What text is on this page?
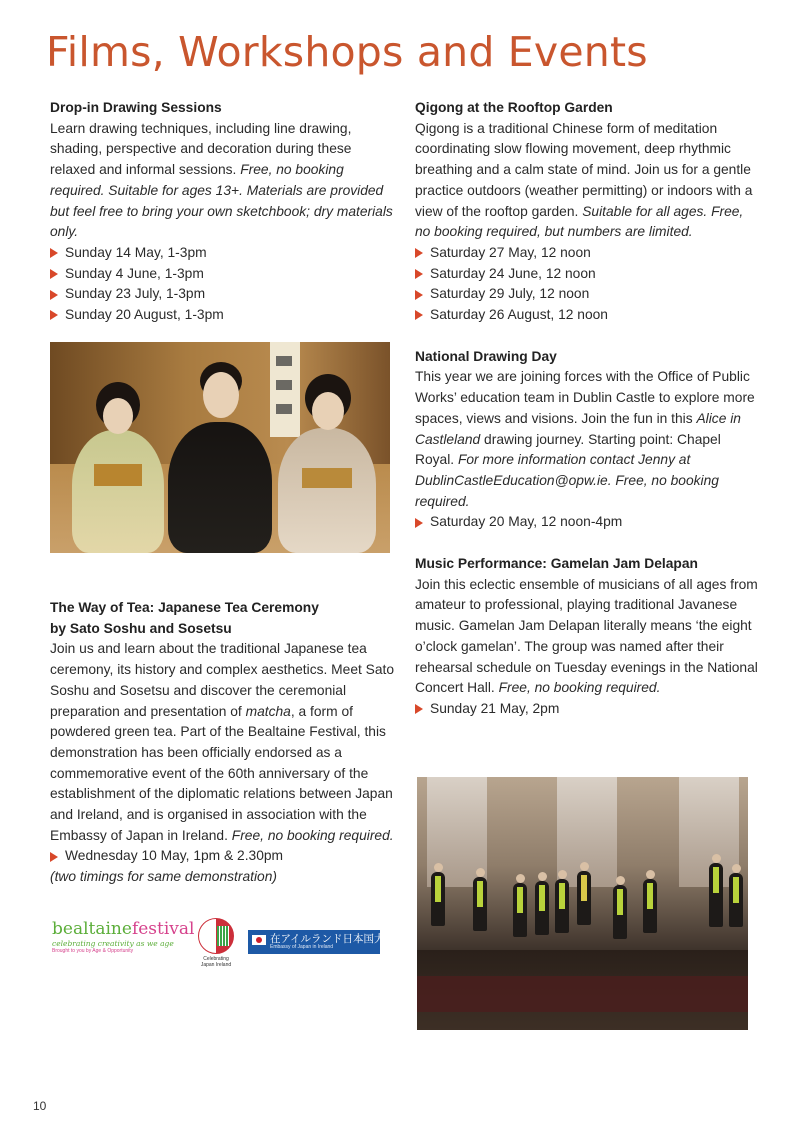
Films, Workshops and Events
Drop-in Drawing Sessions
Learn drawing techniques, including line drawing, shading, perspective and decoration during these relaxed and informal sessions. Free, no booking required. Suitable for ages 13+. Materials are provided but feel free to bring your own sketchbook; dry materials only.
Sunday 14 May, 1-3pm
Sunday 4 June, 1-3pm
Sunday 23 July, 1-3pm
Sunday 20 August, 1-3pm
The Way of Tea: Japanese Tea Ceremony
by Sato Soshu and Sosetsu
Join us and learn about the traditional Japanese tea ceremony, its history and complex aesthetics. Meet Sato Soshu and Sosetsu and discover the ceremonial preparation and presentation of matcha, a form of powdered green tea. Part of the Bealtaine Festival, this demonstration has been officially endorsed as a commemorative event of the 60th anniversary of the establishment of the diplomatic relations between Japan and Ireland, and is organised in association with the Embassy of Japan in Ireland. Free, no booking required.
Wednesday 10 May, 1pm & 2.30pm
(two timings for same demonstration)
bealtainefestival
celebrating creativity as we age
Brought to you by Age & Opportunity
60
Celebrating Japan Ireland
在アイルランド日本国大使館
Embassy of Japan in Ireland
Qigong at the Rooftop Garden
Qigong is a traditional Chinese form of meditation coordinating slow flowing movement, deep rhythmic breathing and a calm state of mind. Join us for a gentle practice outdoors (weather permitting) or indoors with a view of the rooftop garden. Suitable for all ages. Free, no booking required, but numbers are limited.
Saturday 27 May, 12 noon
Saturday 24 June, 12 noon
Saturday 29 July, 12 noon
Saturday 26 August, 12 noon
National Drawing Day
This year we are joining forces with the Office of Public Works’ education team in Dublin Castle to explore more spaces, views and visions. Join the fun in this Alice in Castleland drawing journey. Starting point: Chapel Royal. For more information contact Jenny at DublinCastleEducation@opw.ie. Free, no booking required.
Saturday 20 May, 12 noon-4pm
Music Performance: Gamelan Jam Delapan
Join this eclectic ensemble of musicians of all ages from amateur to professional, playing traditional Javanese music. Gamelan Jam Delapan literally means ‘the eight o’clock gamelan’. The group was named after their rehearsal schedule on Tuesday evenings in the National Concert Hall. Free, no booking required.
Sunday 21 May, 2pm
10
